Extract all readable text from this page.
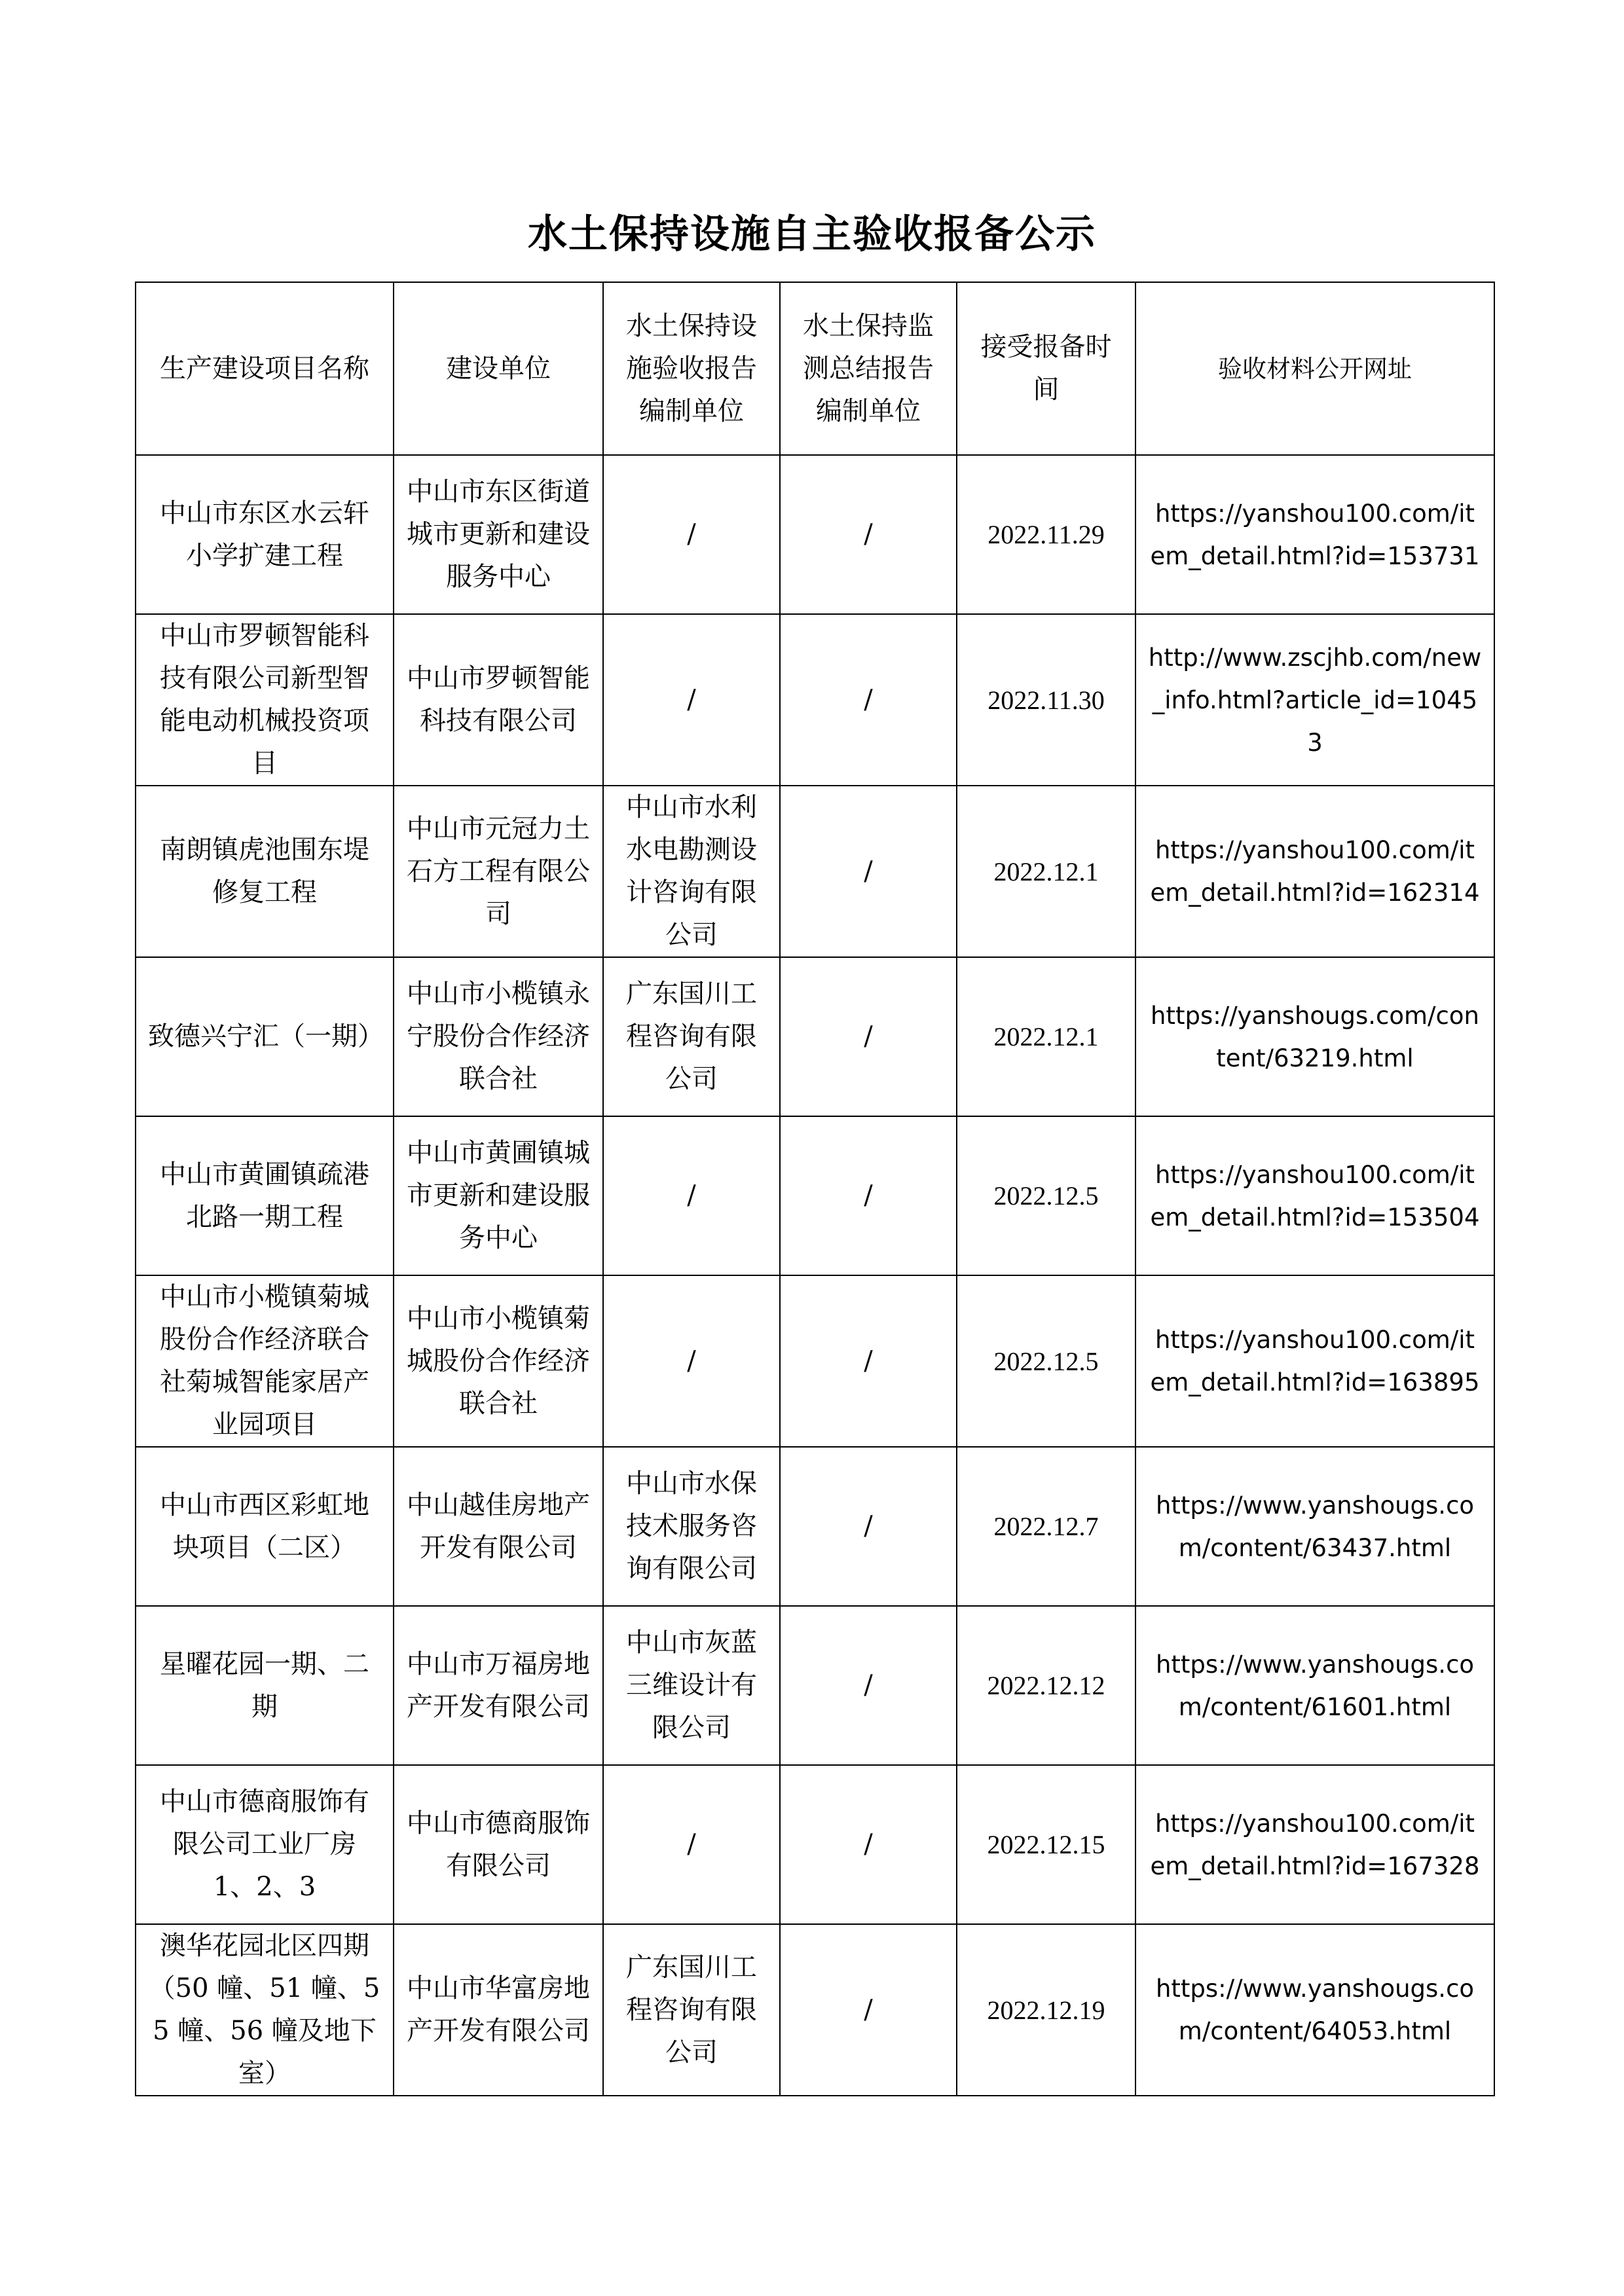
水土保持设施自主验收报备公示
生产建设项目名称	建设单位	水土保持设施验收报告编制单位	水土保持监测总结报告编制单位	接受报备时间	验收材料公开网址
中山市东区水云轩小学扩建工程	中山市东区街道城市更新和建设服务中心	/	/	2022.11.29	https://yanshou100.com/item_detail.html?id=153731
中山市罗顿智能科技有限公司新型智能电动机械投资项目	中山市罗顿智能科技有限公司	/	/	2022.11.30	http://www.zscjhb.com/new_info.html?article_id=10453
南朗镇虎池围东堤修复工程	中山市元冠力土石方工程有限公司	中山市水利水电勘测设计咨询有限公司	/	2022.12.1	https://yanshou100.com/item_detail.html?id=162314
致德兴宁汇（一期）	中山市小榄镇永宁股份合作经济联合社	广东国川工程咨询有限公司	/	2022.12.1	https://yanshougs.com/content/63219.html
中山市黄圃镇疏港北路一期工程	中山市黄圃镇城市更新和建设服务中心	/	/	2022.12.5	https://yanshou100.com/item_detail.html?id=153504
中山市小榄镇菊城股份合作经济联合社菊城智能家居产业园项目	中山市小榄镇菊城股份合作经济联合社	/	/	2022.12.5	https://yanshou100.com/item_detail.html?id=163895
中山市西区彩虹地块项目（二区）	中山越佳房地产开发有限公司	中山市水保技术服务咨询有限公司	/	2022.12.7	https://www.yanshougs.com/content/63437.html
星曜花园一期、二期	中山市万福房地产开发有限公司	中山市灰蓝三维设计有限公司	/	2022.12.12	https://www.yanshougs.com/content/61601.html
中山市德商服饰有限公司工业厂房 1、2、3	中山市德商服饰有限公司	/	/	2022.12.15	https://yanshou100.com/item_detail.html?id=167328
澳华花园北区四期（50 幢、51 幢、55 幢、56 幢及地下室）	中山市华富房地产开发有限公司	广东国川工程咨询有限公司	/	2022.12.19	https://www.yanshougs.com/content/64053.html
